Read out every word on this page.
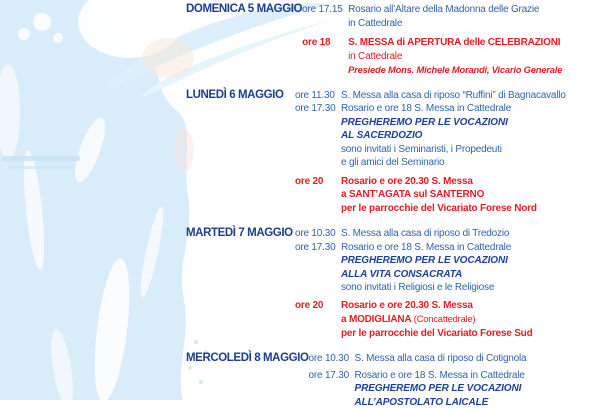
DOMENICA 5 MAGGIO ore 17.15 Rosario all’Altare della Madonna delle Grazie
in Cattedrale
ore 18	S. MESSA di APERTURA delle CELEBRAZIONI
in Cattedrale
Presiede Mons. Michele Morandi, Vicario Generale
LUNEDÌ 6 MAGGIO	ore 11.30 S. Messa alla casa di riposo “Ruffini” di Bagnacavallo
ore 17.30 Rosario e ore 18 S. Messa in Cattedrale
PREGHEREMO PER LE VOCAZIONI
AL SACERDOZIO
sono invitati i Seminaristi, i Propedeuti
e gli amici del Seminario
ore 20	Rosario e ore 20.30 S. Messa
a SANT’AGATA sul SANTERNO
per le parrocchie del Vicariato Forese Nord
MARTEDÌ 7 MAGGIO ore 10.30 S. Messa alla casa di riposo di Tredozio
ore 17.30 Rosario e ore 18 S. Messa in Cattedrale
PREGHEREMO PER LE VOCAZIONI
ALLA VITA CONSACRATA
sono invitati i Religiosi e le Religiose
ore 20	Rosario e ore 20.30 S. Messa
a MODIGLIANA (Concattedrale)
per le parrocchie del Vicariato Forese Sud
MERCOLEDÌ 8 MAGGIO ore 10.30 S. Messa alla casa di riposo di Cotignola
ore 17.30 Rosario e ore 18 S. Messa in Cattedrale
PREGHEREMO PER LE VOCAZIONI
ALL’APOSTOLATO LAICALE
